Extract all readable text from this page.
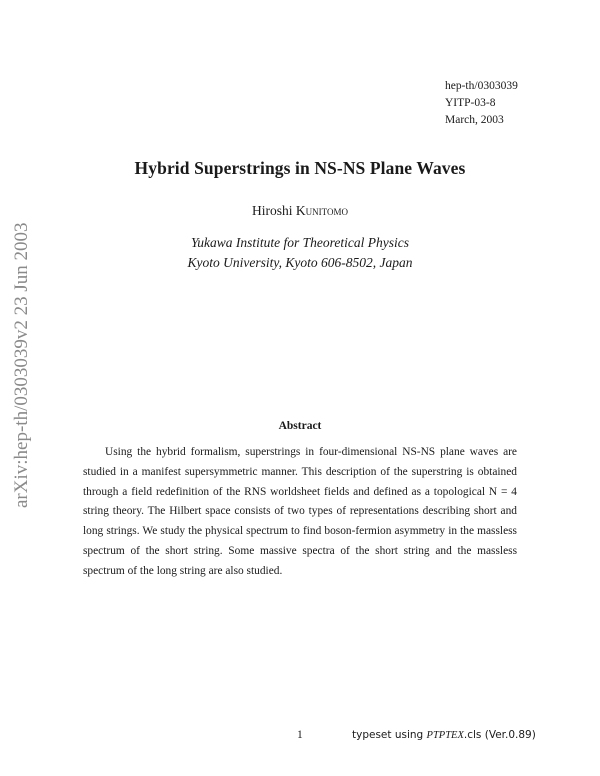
hep-th/0303039
YITP-03-8
March, 2003
arXiv:hep-th/0303039v2 23 Jun 2003
Hybrid Superstrings in NS-NS Plane Waves
Hiroshi Kunitomo
Yukawa Institute for Theoretical Physics
Kyoto University, Kyoto 606-8502, Japan
Abstract

Using the hybrid formalism, superstrings in four-dimensional NS-NS plane waves are studied in a manifest supersymmetric manner. This description of the superstring is obtained through a field redefinition of the RNS worldsheet fields and defined as a topological N = 4 string theory. The Hilbert space consists of two types of representations describing short and long strings. We study the physical spectrum to find boson-fermion asymmetry in the massless spectrum of the short string. Some massive spectra of the short string and the massless spectrum of the long string are also studied.

1	typeset using PTPTEX.cls (Ver.0.89)
